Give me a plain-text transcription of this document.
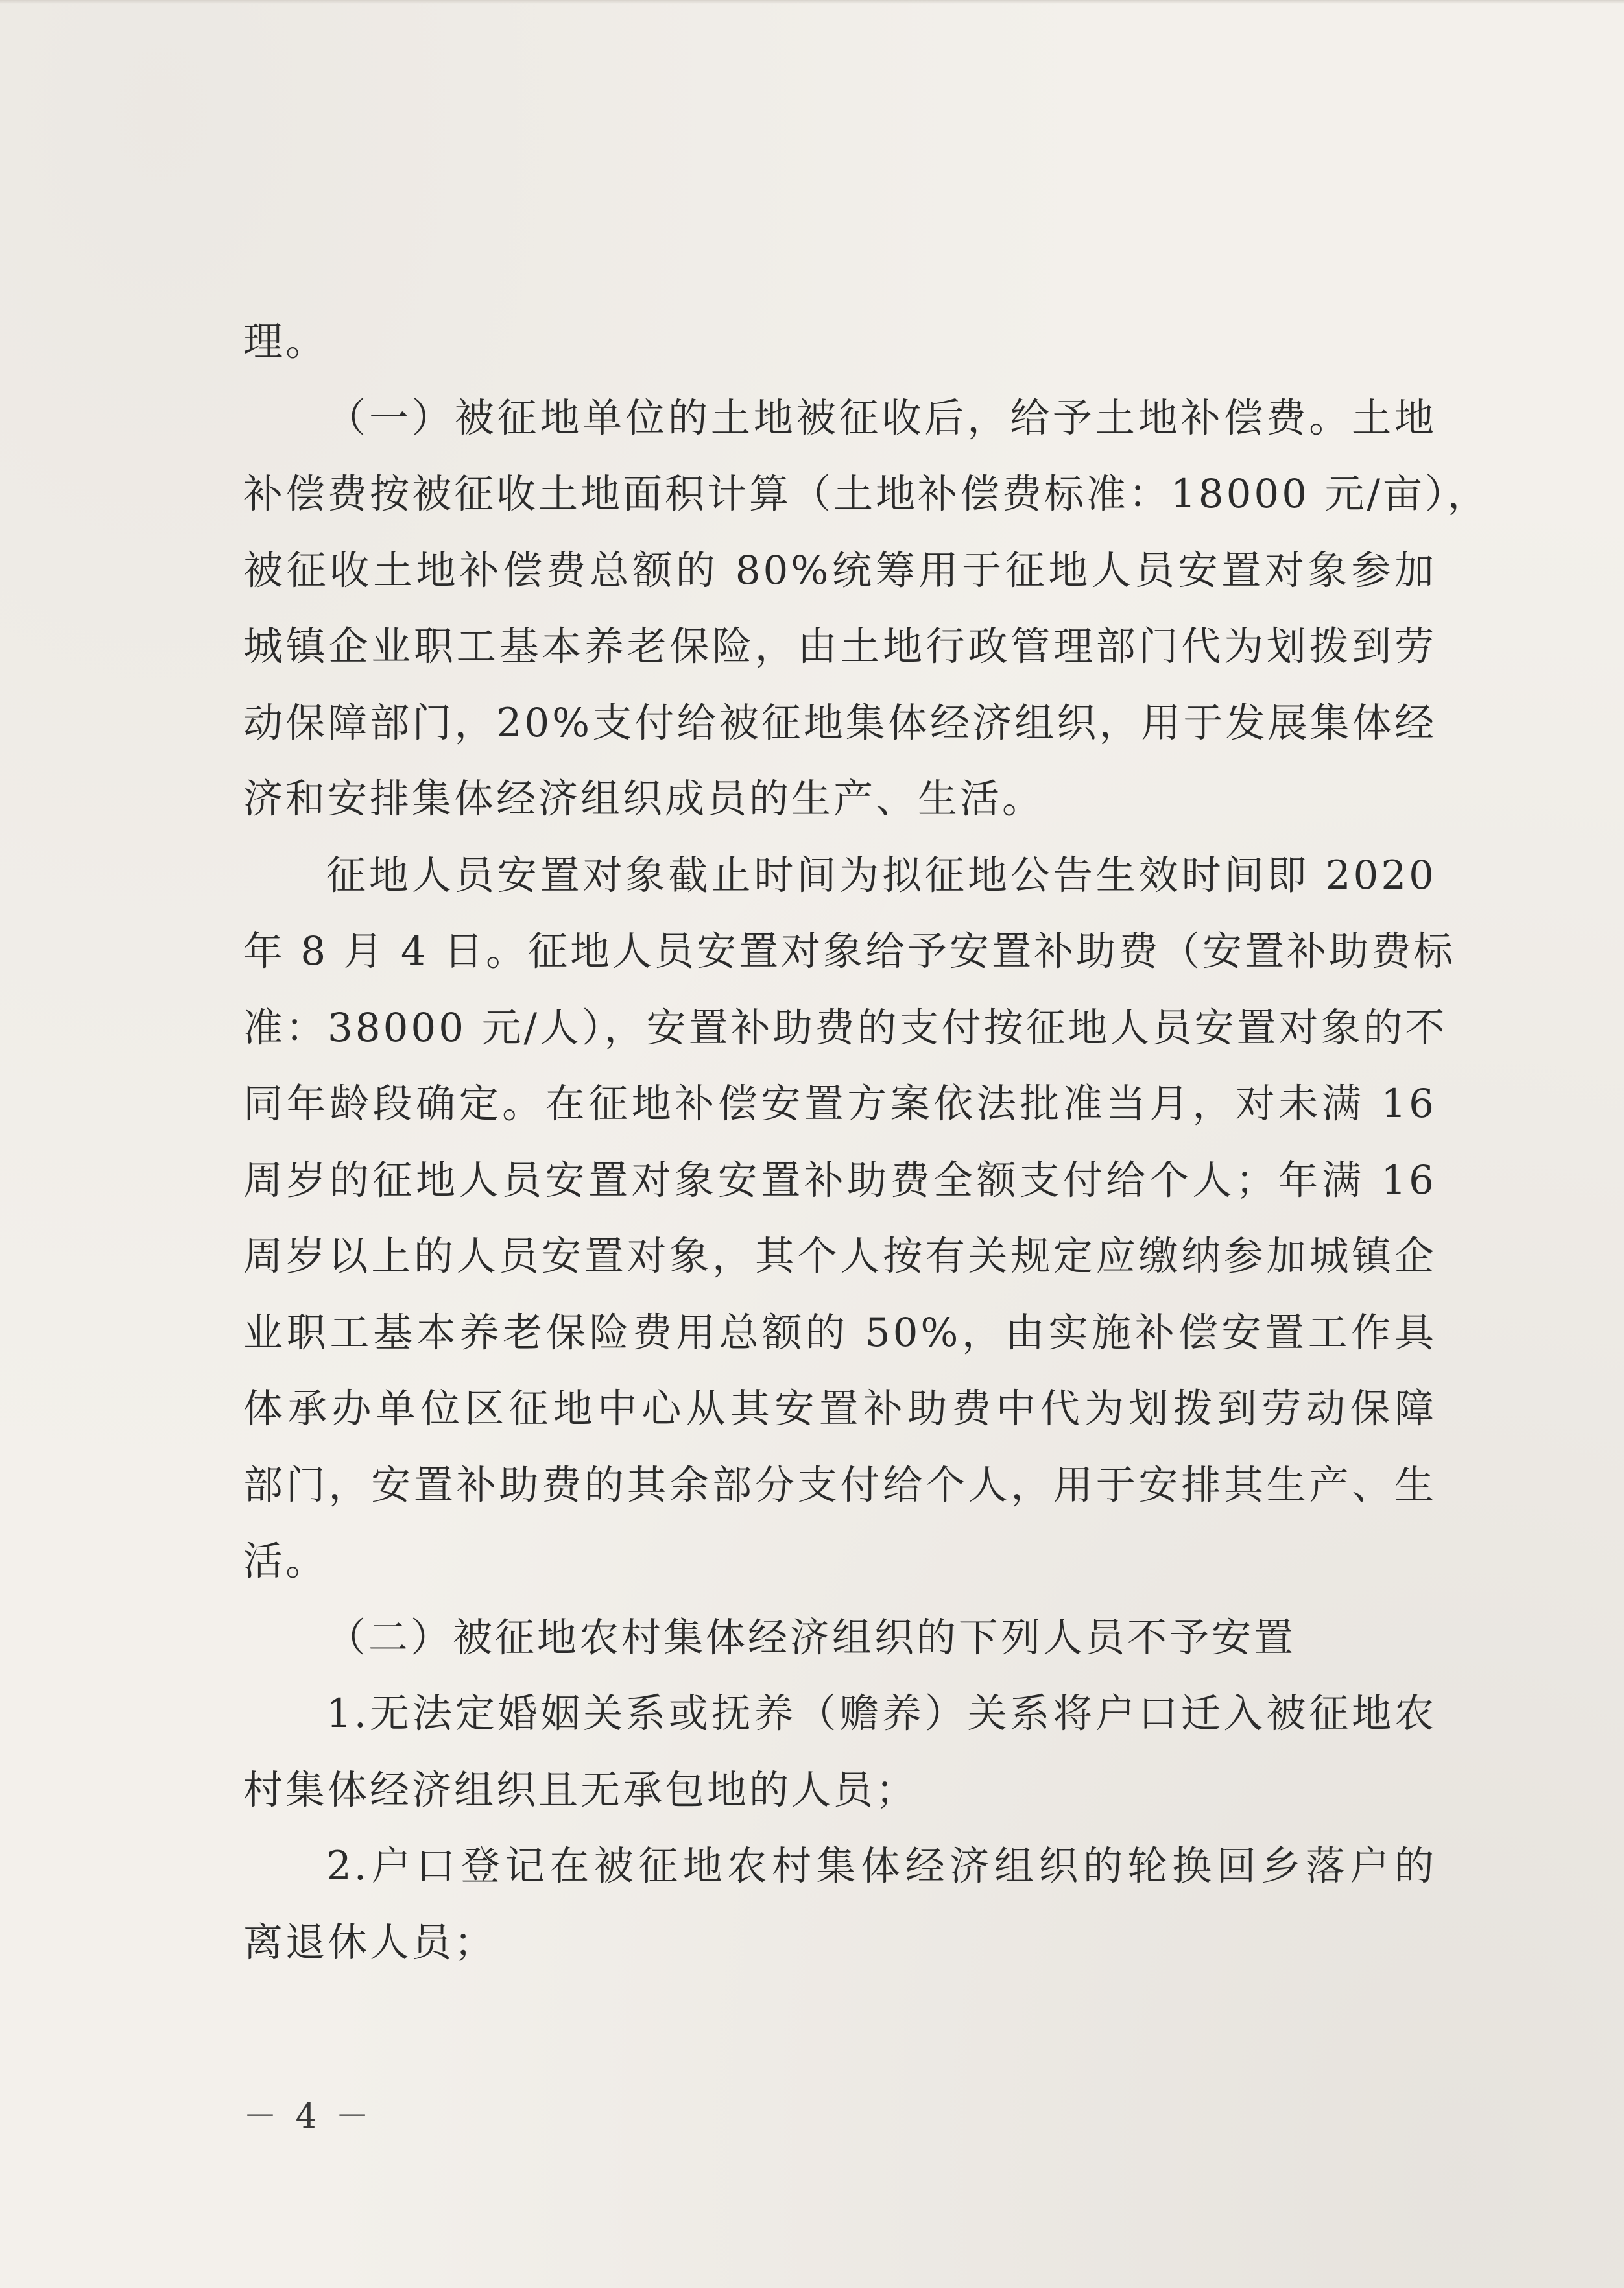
理。
（一）被征地单位的土地被征收后，给予土地补偿费。土地
补偿费按被征收土地面积计算（土地补偿费标准：18000 元/亩），
被征收土地补偿费总额的 80%统筹用于征地人员安置对象参加
城镇企业职工基本养老保险，由土地行政管理部门代为划拨到劳
动保障部门，20%支付给被征地集体经济组织，用于发展集体经
济和安排集体经济组织成员的生产、生活。
征地人员安置对象截止时间为拟征地公告生效时间即 2020
年 8 月 4 日。征地人员安置对象给予安置补助费（安置补助费标
准：38000 元/人），安置补助费的支付按征地人员安置对象的不
同年龄段确定。在征地补偿安置方案依法批准当月，对未满 16
周岁的征地人员安置对象安置补助费全额支付给个人；年满 16
周岁以上的人员安置对象，其个人按有关规定应缴纳参加城镇企
业职工基本养老保险费用总额的 50%，由实施补偿安置工作具
体承办单位区征地中心从其安置补助费中代为划拨到劳动保障
部门，安置补助费的其余部分支付给个人，用于安排其生产、生
活。
（二）被征地农村集体经济组织的下列人员不予安置
1.无法定婚姻关系或抚养（赡养）关系将户口迁入被征地农
村集体经济组织且无承包地的人员；
2.户口登记在被征地农村集体经济组织的轮换回乡落户的
离退休人员；
－ 4 －
